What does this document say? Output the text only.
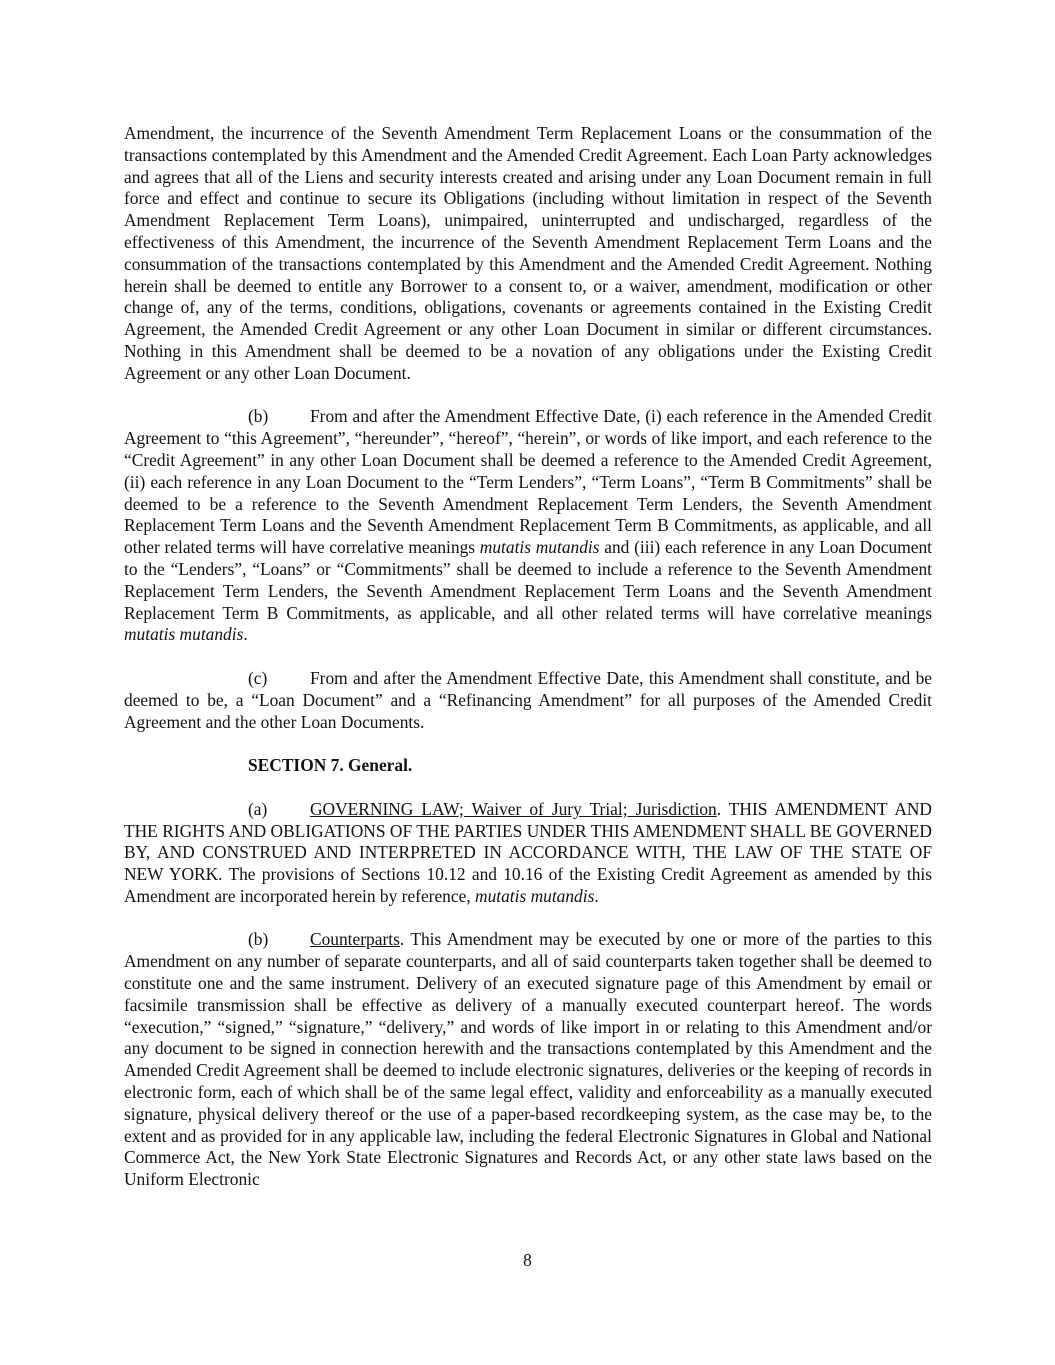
Amendment, the incurrence of the Seventh Amendment Term Replacement Loans or the consummation of the transactions contemplated by this Amendment and the Amended Credit Agreement. Each Loan Party acknowledges and agrees that all of the Liens and security interests created and arising under any Loan Document remain in full force and effect and continue to secure its Obligations (including without limitation in respect of the Seventh Amendment Replacement Term Loans), unimpaired, uninterrupted and undischarged, regardless of the effectiveness of this Amendment, the incurrence of the Seventh Amendment Replacement Term Loans and the consummation of the transactions contemplated by this Amendment and the Amended Credit Agreement. Nothing herein shall be deemed to entitle any Borrower to a consent to, or a waiver, amendment, modification or other change of, any of the terms, conditions, obligations, covenants or agreements contained in the Existing Credit Agreement, the Amended Credit Agreement or any other Loan Document in similar or different circumstances. Nothing in this Amendment shall be deemed to be a novation of any obligations under the Existing Credit Agreement or any other Loan Document.

(b) From and after the Amendment Effective Date, (i) each reference in the Amended Credit Agreement to “this Agreement”, “hereunder”, “hereof”, “herein”, or words of like import, and each reference to the “Credit Agreement” in any other Loan Document shall be deemed a reference to the Amended Credit Agreement, (ii) each reference in any Loan Document to the “Term Lenders”, “Term Loans”, “Term B Commitments” shall be deemed to be a reference to the Seventh Amendment Replacement Term Lenders, the Seventh Amendment Replacement Term Loans and the Seventh Amendment Replacement Term B Commitments, as applicable, and all other related terms will have correlative meanings mutatis mutandis and (iii) each reference in any Loan Document to the “Lenders”, “Loans” or “Commitments” shall be deemed to include a reference to the Seventh Amendment Replacement Term Lenders, the Seventh Amendment Replacement Term Loans and the Seventh Amendment Replacement Term B Commitments, as applicable, and all other related terms will have correlative meanings mutatis mutandis.

(c) From and after the Amendment Effective Date, this Amendment shall constitute, and be deemed to be, a “Loan Document” and a “Refinancing Amendment” for all purposes of the Amended Credit Agreement and the other Loan Documents.

SECTION 7. General.

(a) GOVERNING LAW; Waiver of Jury Trial; Jurisdiction. THIS AMENDMENT AND THE RIGHTS AND OBLIGATIONS OF THE PARTIES UNDER THIS AMENDMENT SHALL BE GOVERNED BY, AND CONSTRUED AND INTERPRETED IN ACCORDANCE WITH, THE LAW OF THE STATE OF NEW YORK. The provisions of Sections 10.12 and 10.16 of the Existing Credit Agreement as amended by this Amendment are incorporated herein by reference, mutatis mutandis.

(b) Counterparts. This Amendment may be executed by one or more of the parties to this Amendment on any number of separate counterparts, and all of said counterparts taken together shall be deemed to constitute one and the same instrument. Delivery of an executed signature page of this Amendment by email or facsimile transmission shall be effective as delivery of a manually executed counterpart hereof. The words “execution,” “signed,” “signature,” “delivery,” and words of like import in or relating to this Amendment and/or any document to be signed in connection herewith and the transactions contemplated by this Amendment and the Amended Credit Agreement shall be deemed to include electronic signatures, deliveries or the keeping of records in electronic form, each of which shall be of the same legal effect, validity and enforceability as a manually executed signature, physical delivery thereof or the use of a paper-based recordkeeping system, as the case may be, to the extent and as provided for in any applicable law, including the federal Electronic Signatures in Global and National Commerce Act, the New York State Electronic Signatures and Records Act, or any other state laws based on the Uniform Electronic

8
